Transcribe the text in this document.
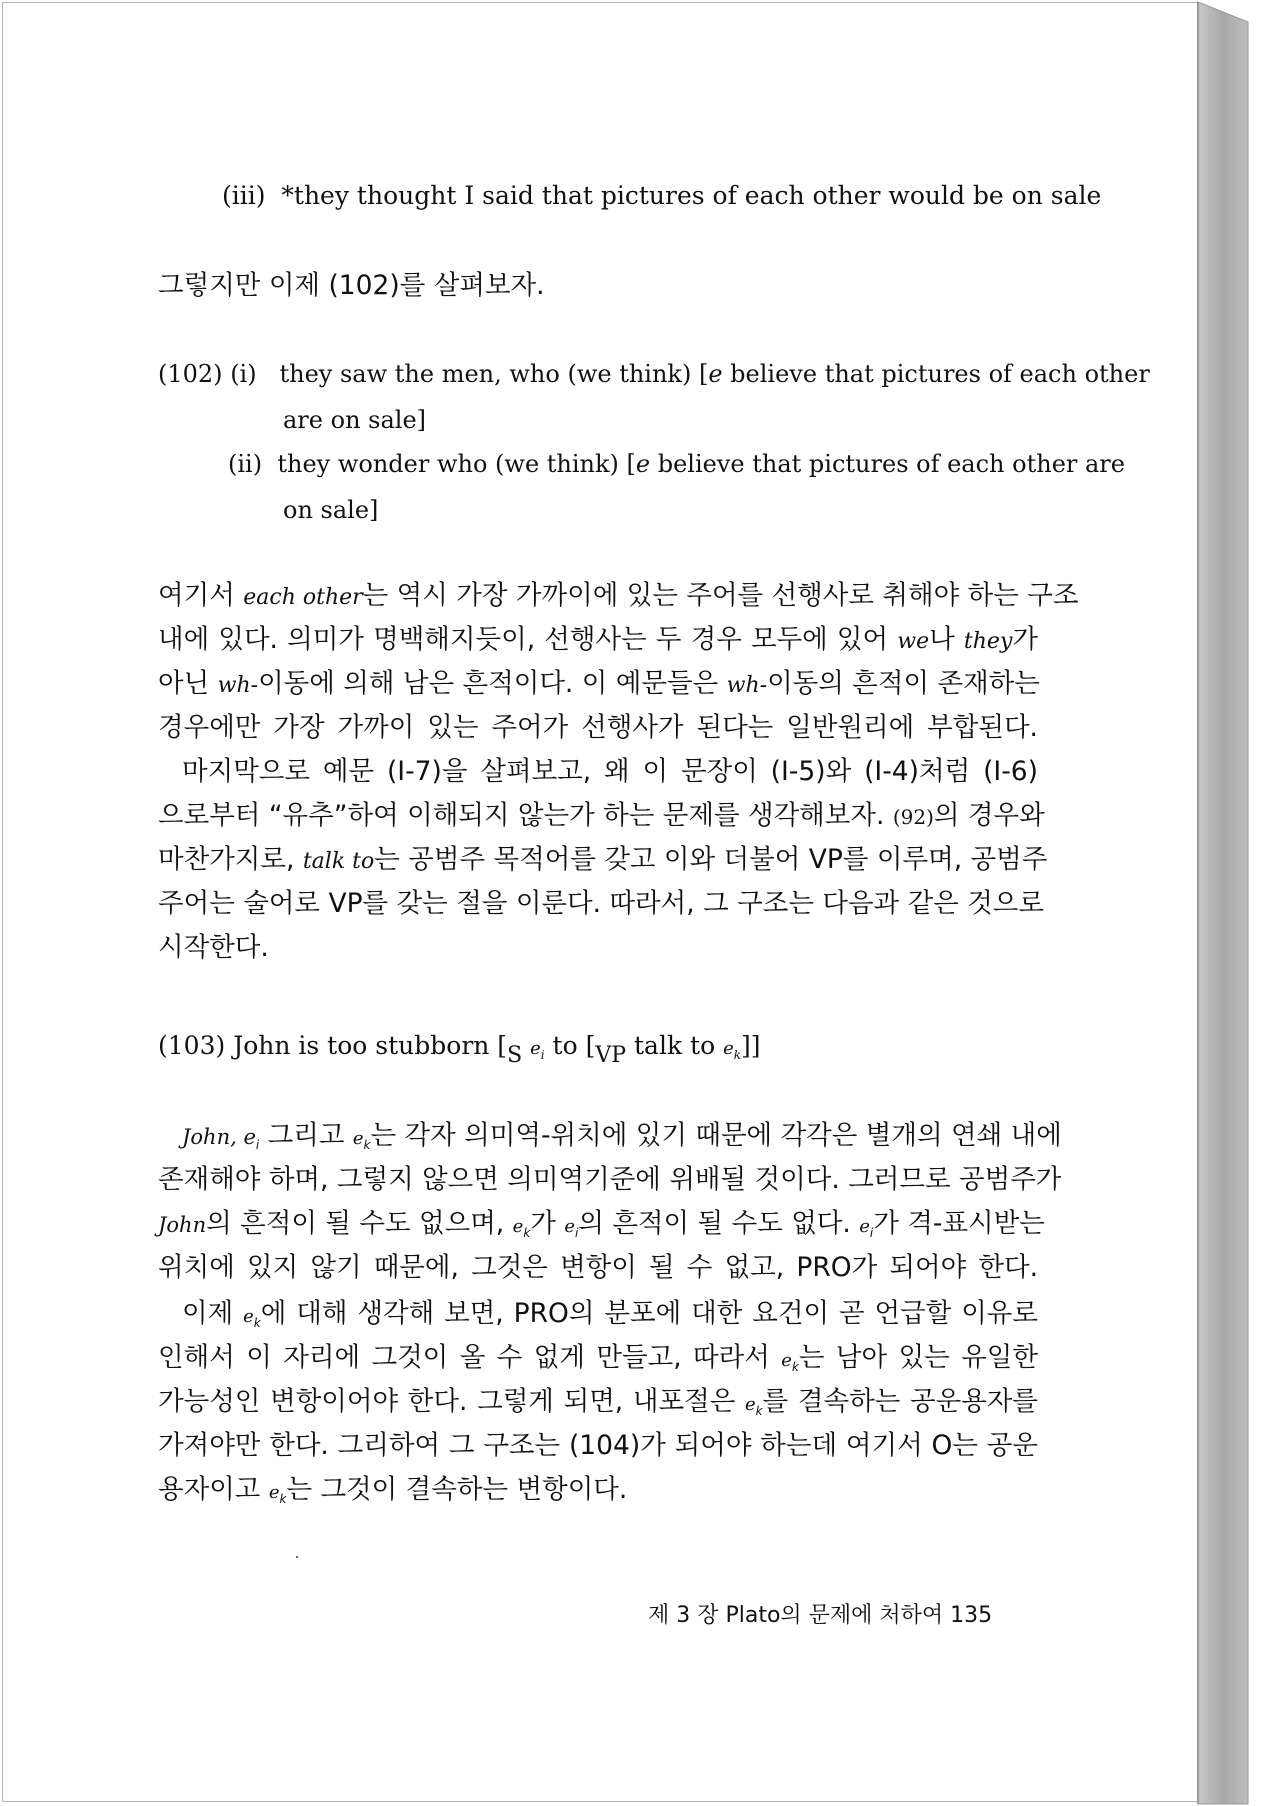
(iii) *they thought I said that pictures of each other would be on sale
그렇지만 이제 (102)를 살펴보자.
(102) (i) they saw the men, who (we think) [e believe that pictures of each other
are on sale]
(ii) they wonder who (we think) [e believe that pictures of each other are
on sale]
여기서 each other는 역시 가장 가까이에 있는 주어를 선행사로 취해야 하는 구조
내에 있다. 의미가 명백해지듯이, 선행사는 두 경우 모두에 있어 we나 they가
아닌 wh-이동에 의해 남은 흔적이다. 이 예문들은 wh-이동의 흔적이 존재하는
경우에만 가장 가까이 있는 주어가 선행사가 된다는 일반원리에 부합된다.
마지막으로 예문 (I-7)을 살펴보고, 왜 이 문장이 (I-5)와 (I-4)처럼 (I-6)
으로부터 “유추”하여 이해되지 않는가 하는 문제를 생각해보자. (92)의 경우와
마찬가지로, talk to는 공범주 목적어를 갖고 이와 더불어 VP를 이루며, 공범주
주어는 술어로 VP를 갖는 절을 이룬다. 따라서, 그 구조는 다음과 같은 것으로
시작한다.
(103) John is too stubborn [S $e_i$ to [VP talk to $e_k$]]
John, $e_i$ 그리고 $e_k$는 각자 의미역-위치에 있기 때문에 각각은 별개의 연쇄 내에
존재해야 하며, 그렇지 않으면 의미역기준에 위배될 것이다. 그러므로 공범주가
John의 흔적이 될 수도 없으며, $e_k$가 $e_i$의 흔적이 될 수도 없다. $e_i$가 격-표시받는
위치에 있지 않기 때문에, 그것은 변항이 될 수 없고, PRO가 되어야 한다.
이제 $e_k$에 대해 생각해 보면, PRO의 분포에 대한 요건이 곧 언급할 이유로
인해서 이 자리에 그것이 올 수 없게 만들고, 따라서 $e_k$는 남아 있는 유일한
가능성인 변항이어야 한다. 그렇게 되면, 내포절은 $e_k$를 결속하는 공운용자를
가져야만 한다. 그리하여 그 구조는 (104)가 되어야 하는데 여기서 O는 공운
용자이고 $e_k$는 그것이 결속하는 변항이다.
제 3 장 Plato의 문제에 처하여 135
